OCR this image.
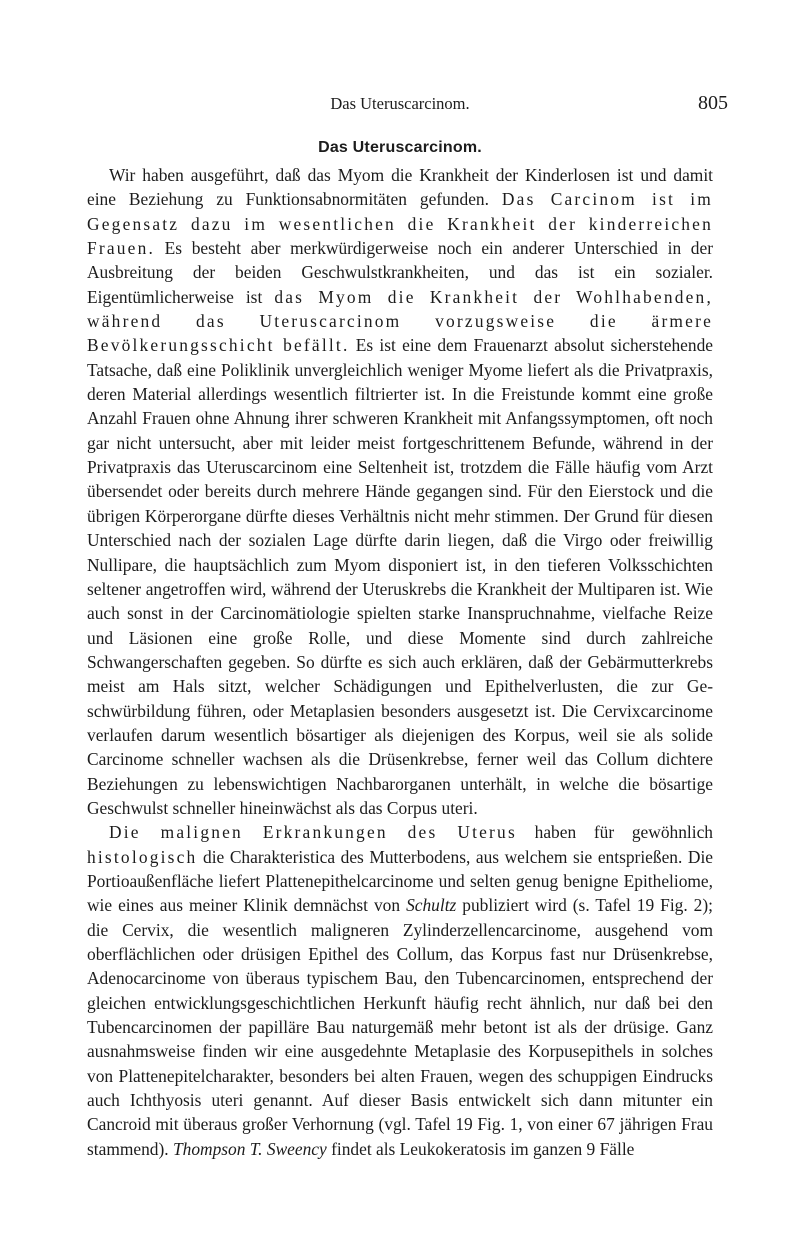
Das Uteruscarcinom.	805
Das Uteruscarcinom.

Wir haben ausgeführt, daß das Myom die Krankheit der Kinderlosen ist und damit eine Beziehung zu Funktionsabnormitäten gefunden. Das Carcinom ist im Gegensatz dazu im wesentlichen die Krankheit der kinderreichen Frauen. Es besteht aber merkwürdigerweise noch ein anderer Unterschied in der Ausbreitung der beiden Geschwulstkrankheiten, und das ist ein sozialer. Eigentümlicherweise ist das Myom die Krankheit der Wohlhabenden, während das Uteruscarcinom vorzugsweise die ärmere Bevölkerungsschicht befällt. Es ist eine dem Frauenarzt absolut sicherstehende Tatsache, daß eine Poliklinik unvergleichlich weniger Myome liefert als die Privatpraxis, deren Material allerdings wesentlich filtrierter ist. In die Freistunde kommt eine große Anzahl Frauen ohne Ahnung ihrer schweren Krankheit mit Anfangssymptomen, oft noch gar nicht untersucht, aber mit leider meist fortgeschrittenem Befunde, während in der Privatpraxis das Uteruscarcinom eine Seltenheit ist, trotzdem die Fälle häufig vom Arzt übersendet oder bereits durch mehrere Hände gegangen sind. Für den Eierstock und die übrigen Körperorgane dürfte dieses Verhältnis nicht mehr stimmen. Der Grund für diesen Unterschied nach der sozialen Lage dürfte darin liegen, daß die Virgo oder freiwillig Nullipare, die hauptsächlich zum Myom disponiert ist, in den tieferen Volksschichten seltener angetroffen wird, während der Uteruskrebs die Krankheit der Multiparen ist. Wie auch sonst in der Carcinomätiologie spielten starke Inanspruchnahme, vielfache Reize und Läsionen eine große Rolle, und diese Momente sind durch zahlreiche Schwangerschaften gegeben. So dürfte es sich auch erklären, daß der Gebärmutterkrebs meist am Hals sitzt, welcher Schädigungen und Epithelverlusten, die zur Geschwürbildung führen, oder Metaplasien besonders ausgesetzt ist. Die Cervixcarcinome verlaufen darum wesentlich bösartiger als diejenigen des Korpus, weil sie als solide Carcinome schneller wachsen als die Drüsenkrebse, ferner weil das Collum dichtere Beziehungen zu lebenswichtigen Nachbarorganen unterhält, in welche die bösartige Geschwulst schneller hineinwächst als das Corpus uteri.

Die malignen Erkrankungen des Uterus haben für gewöhnlich histologisch die Charakteristica des Mutterbodens, aus welchem sie entsprießen. Die Portioaußenfläche liefert Plattenepithelcarcinome und selten genug benigne Epitheliome, wie eines aus meiner Klinik demnächst von Schultz publiziert wird (s. Tafel 19 Fig. 2); die Cervix, die wesentlich maligneren Zylinderzellencarcinome, ausgehend vom oberflächlichen oder drüsigen Epithel des Collum, das Korpus fast nur Drüsenkrebse, Adenocarcinome von überaus typischem Bau, den Tubencarcinomen, entsprechend der gleichen entwicklungsgeschichtlichen Herkunft häufig recht ähnlich, nur daß bei den Tubencarcinomen der papilläre Bau naturgemäß mehr betont ist als der drüsige. Ganz ausnahmsweise finden wir eine ausgedehnte Metaplasie des Korpusepithels in solches von Plattenepitelcharakter, besonders bei alten Frauen, wegen des schuppigen Eindrucks auch Ichthyosis uteri genannt. Auf dieser Basis entwickelt sich dann mitunter ein Cancroid mit überaus großer Verhornung (vgl. Tafel 19 Fig. 1, von einer 67 jährigen Frau stammend). Thompson T. Sweency findet als Leukokeratosis im ganzen 9 Fälle
